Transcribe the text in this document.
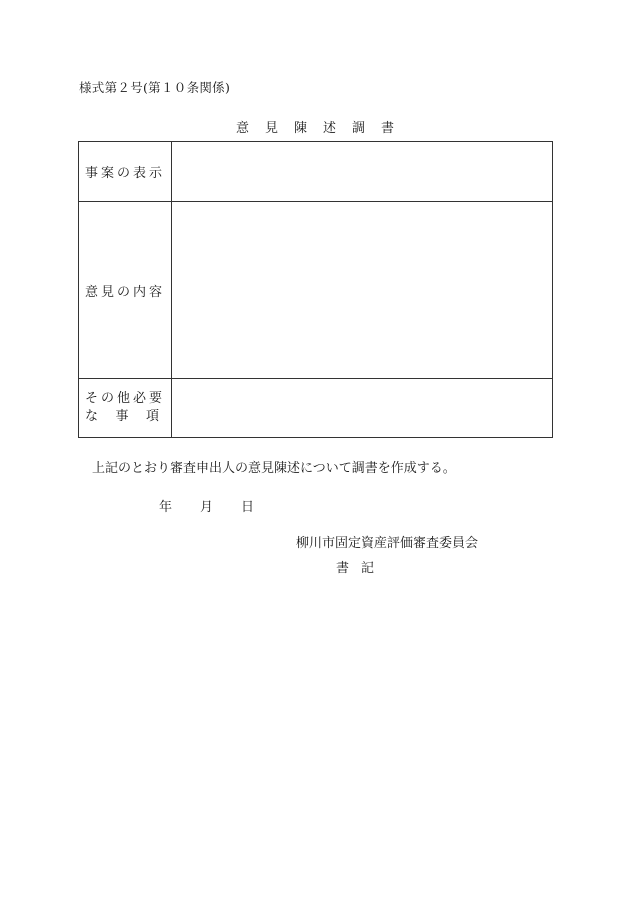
様式第２号(第１０条関係)
意 見 陳 述 調 書
事案の表示	
意見の内容	

その他必要
な 事 項	

上記のとおり審査申出人の意見陳述について調書を作成する。
年 月 日
柳川市固定資産評価審査委員会
書 記
